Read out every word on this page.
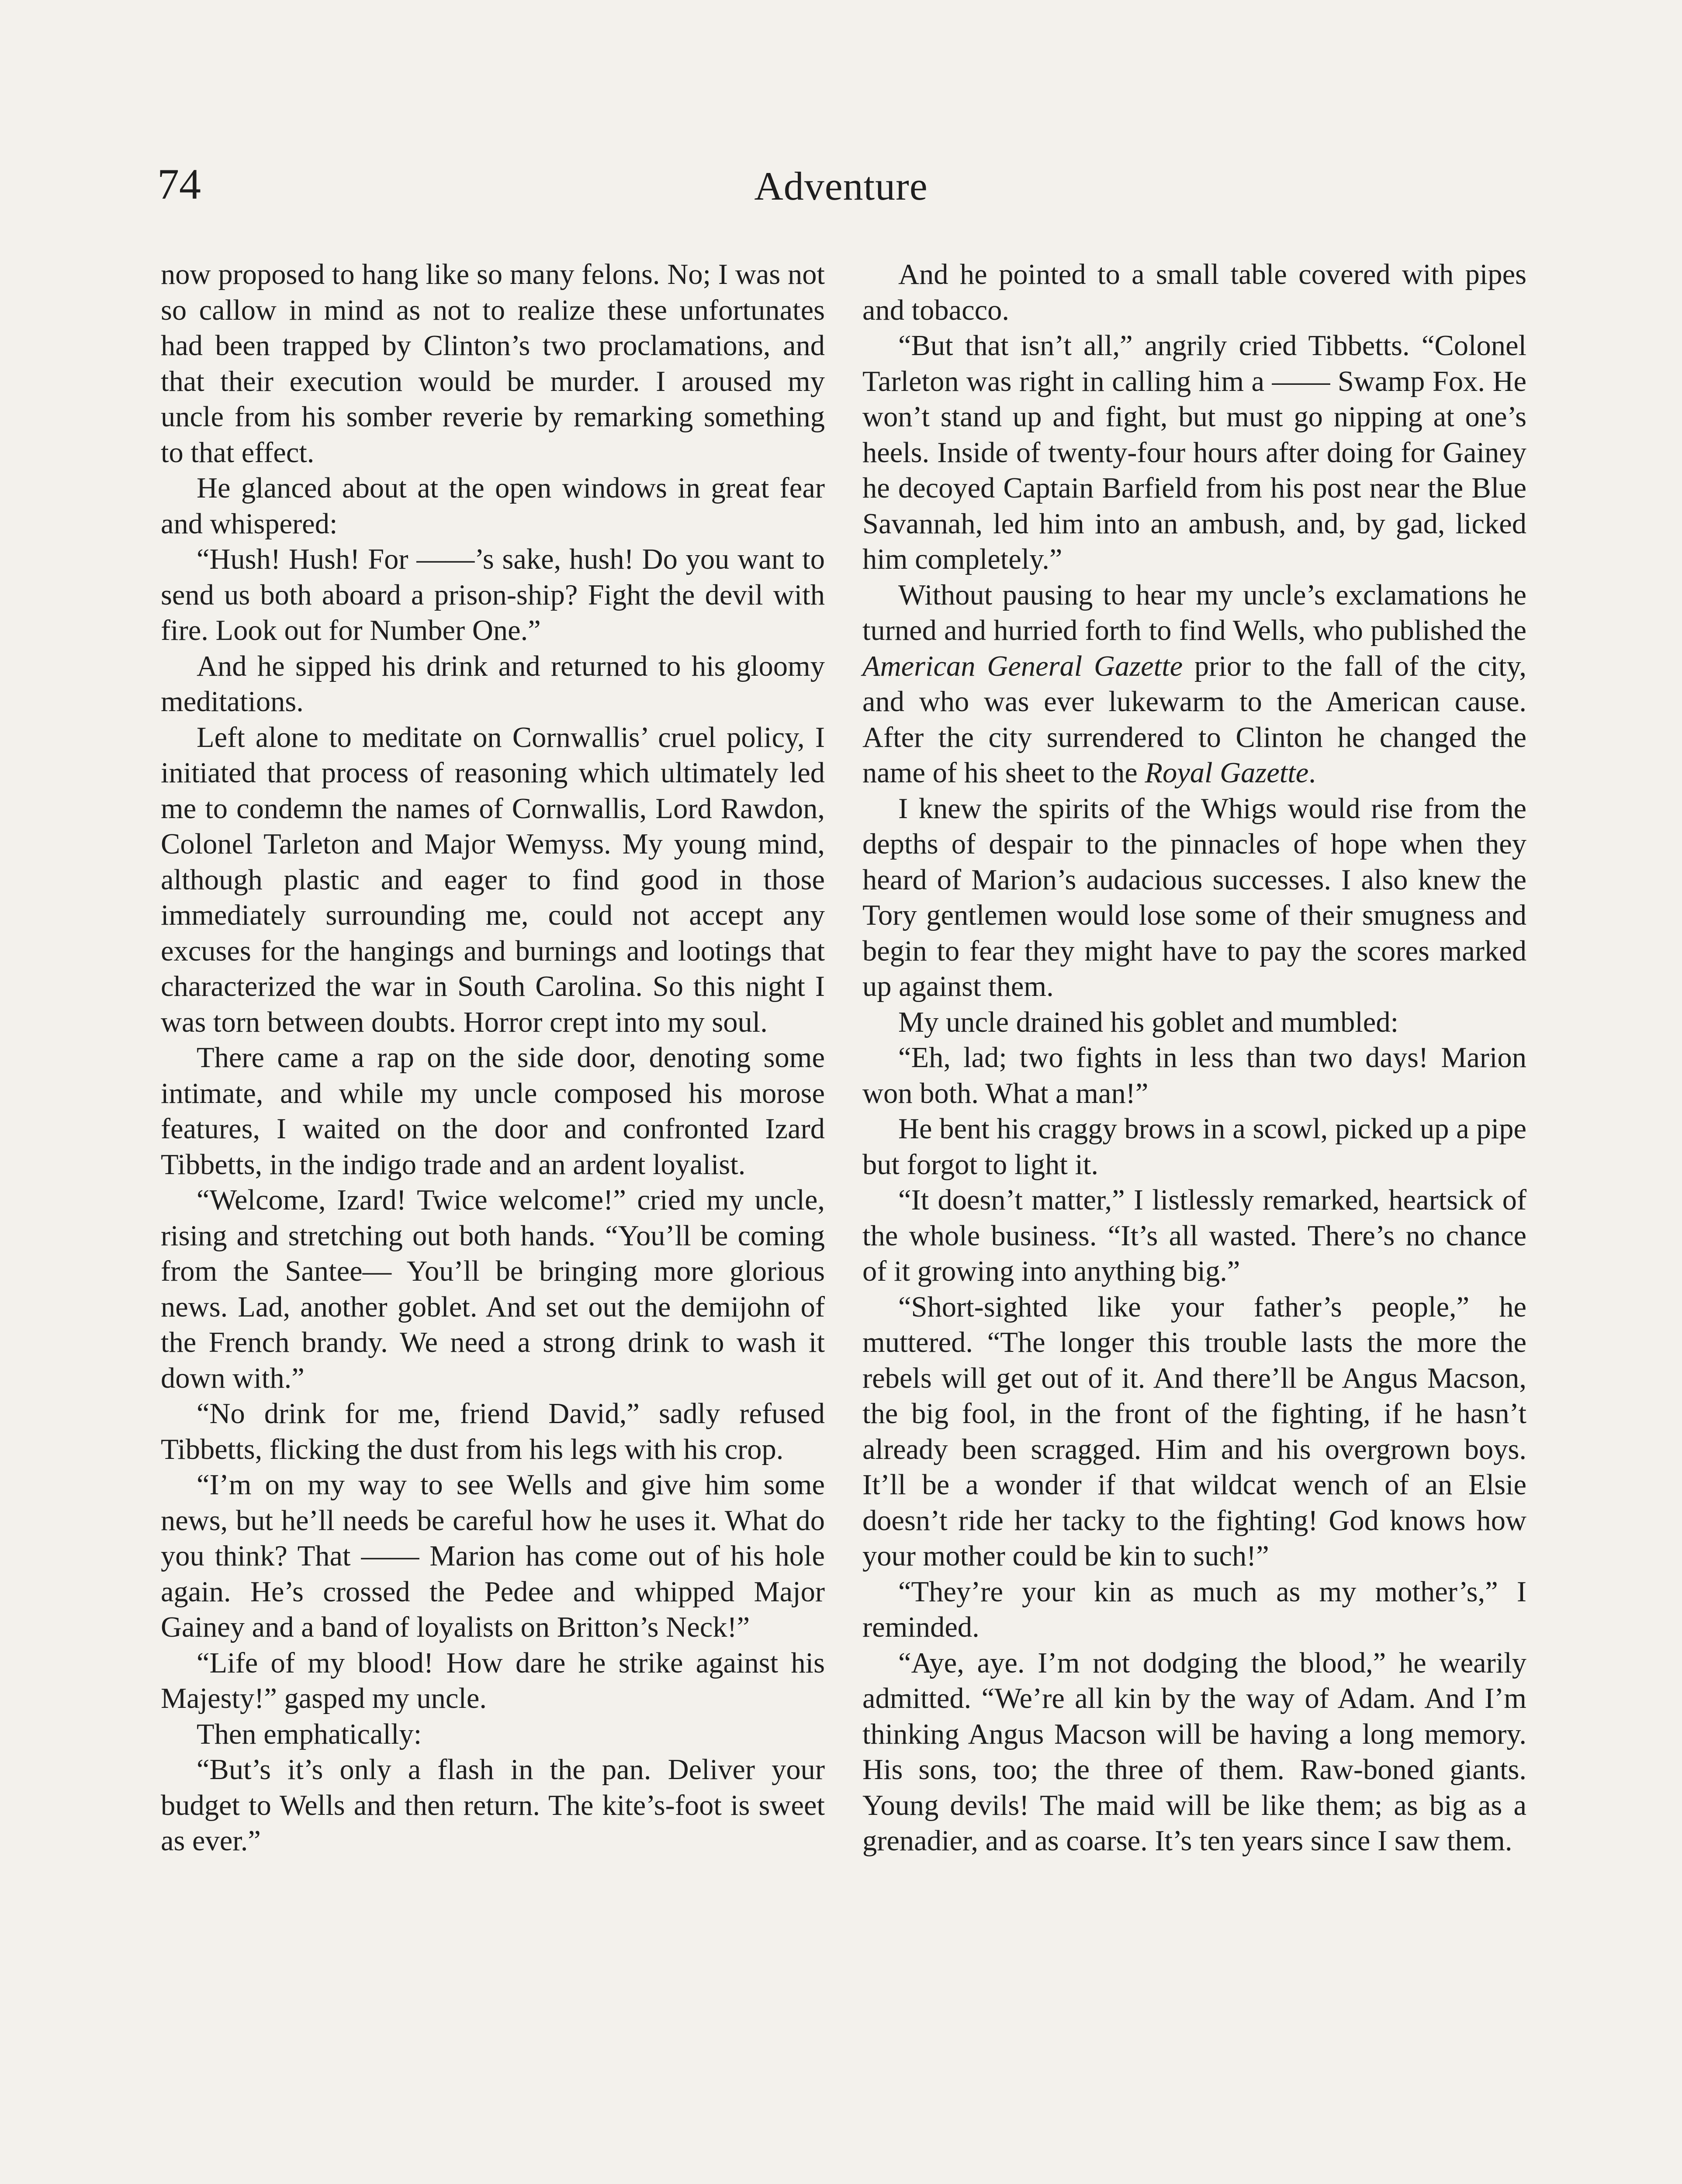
74	Adventure

now proposed to hang like so many felons. No; I was not so callow in mind as not to realize these unfortunates had been trapped by Clinton’s two proclamations, and that their execution would be murder. I aroused my uncle from his somber reverie by remarking something to that effect.

He glanced about at the open windows in great fear and whispered:

“Hush! Hush! For ——’s sake, hush! Do you want to send us both aboard a prison-ship? Fight the devil with fire. Look out for Number One.”

And he sipped his drink and returned to his gloomy meditations.

Left alone to meditate on Cornwallis’ cruel policy, I initiated that process of reasoning which ultimately led me to condemn the names of Cornwallis, Lord Rawdon, Colonel Tarleton and Major Wemyss. My young mind, although plastic and eager to find good in those immediately surrounding me, could not accept any excuses for the hangings and burnings and lootings that characterized the war in South Carolina. So this night I was torn between doubts. Horror crept into my soul.

There came a rap on the side door, denoting some intimate, and while my uncle composed his morose features, I waited on the door and confronted Izard Tibbetts, in the indigo trade and an ardent loyalist.

“Welcome, Izard! Twice welcome!” cried my uncle, rising and stretching out both hands. “You’ll be coming from the Santee— You’ll be bringing more glorious news. Lad, another goblet. And set out the demijohn of the French brandy. We need a strong drink to wash it down with.”

“No drink for me, friend David,” sadly refused Tibbetts, flicking the dust from his legs with his crop.

“I’m on my way to see Wells and give him some news, but he’ll needs be careful how he uses it. What do you think? That —— Marion has come out of his hole again. He’s crossed the Pedee and whipped Major Gainey and a band of loyalists on Britton’s Neck!”

“Life of my blood! How dare he strike against his Majesty!” gasped my uncle.

Then emphatically:

“But’s it’s only a flash in the pan. Deliver your budget to Wells and then return. The kite’s-foot is sweet as ever.”

And he pointed to a small table covered with pipes and tobacco.

“But that isn’t all,” angrily cried Tibbetts. “Colonel Tarleton was right in calling him a —— Swamp Fox. He won’t stand up and fight, but must go nipping at one’s heels. Inside of twenty-four hours after doing for Gainey he decoyed Captain Barfield from his post near the Blue Savannah, led him into an ambush, and, by gad, licked him completely.”

Without pausing to hear my uncle’s exclamations he turned and hurried forth to find Wells, who published the American General Gazette prior to the fall of the city, and who was ever lukewarm to the American cause. After the city surrendered to Clinton he changed the name of his sheet to the Royal Gazette.

I knew the spirits of the Whigs would rise from the depths of despair to the pinnacles of hope when they heard of Marion’s audacious successes. I also knew the Tory gentlemen would lose some of their smugness and begin to fear they might have to pay the scores marked up against them.

My uncle drained his goblet and mumbled:

“Eh, lad; two fights in less than two days! Marion won both. What a man!”

He bent his craggy brows in a scowl, picked up a pipe but forgot to light it.

“It doesn’t matter,” I listlessly remarked, heartsick of the whole business. “It’s all wasted. There’s no chance of it growing into anything big.”

“Short-sighted like your father’s people,” he muttered. “The longer this trouble lasts the more the rebels will get out of it. And there’ll be Angus Macson, the big fool, in the front of the fighting, if he hasn’t already been scragged. Him and his overgrown boys. It’ll be a wonder if that wildcat wench of an Elsie doesn’t ride her tacky to the fighting! God knows how your mother could be kin to such!”

“They’re your kin as much as my mother’s,” I reminded.

“Aye, aye. I’m not dodging the blood,” he wearily admitted. “We’re all kin by the way of Adam. And I’m thinking Angus Macson will be having a long memory. His sons, too; the three of them. Raw-boned giants. Young devils! The maid will be like them; as big as a grenadier, and as coarse. It’s ten years since I saw them.
